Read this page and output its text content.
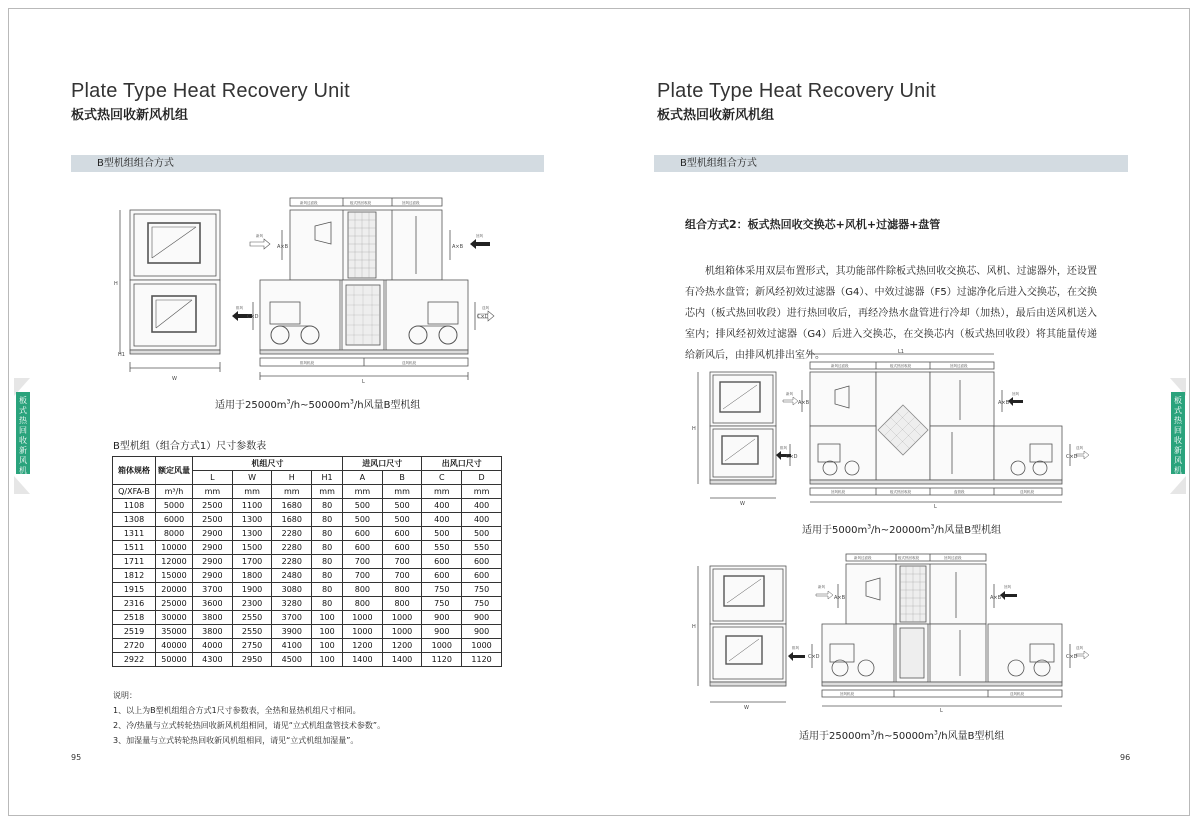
Plate Type Heat Recovery Unit
板式热回收新风机组
B型机组组合方式
新风过滤段	板式热回收段	回风过滤段
排风机段	送风机段
新风	回风
排风	送风
A×B	A×B
C×D	C×D
H
H1
W	L
适用于$25000m^3/h\sim 50000m^3/h$风量B型机组
B型机组（组合方式1）尺寸参数表
箱体规格	额定风量	机组尺寸				进风口尺寸		出风口尺寸	
		L	W	H	H1	A	B	C	D
Q/XFA-B	m³/h	mm	mm	mm	mm	mm	mm	mm	mm
1108	5000	2500	1100	1680	80	500	500	400	400
1308	6000	2500	1300	1680	80	500	500	400	400
1311	8000	2900	1300	2280	80	600	600	500	500
1511	10000	2900	1500	2280	80	600	600	550	550
1711	12000	2900	1700	2280	80	700	700	600	600
1812	15000	2900	1800	2480	80	700	700	600	600
1915	20000	3700	1900	3080	80	800	800	750	750
2316	25000	3600	2300	3280	80	800	800	750	750
2518	30000	3800	2550	3700	100	1000	1000	900	900
2519	35000	3800	2550	3900	100	1000	1000	900	900
2720	40000	4000	2750	4100	100	1200	1200	1000	1000
2922	50000	4300	2950	4500	100	1400	1400	1120	1120
说明：
1、以上为B型机组组合方式1尺寸参数表，全热和显热机组尺寸相同。
2、冷/热量与立式转轮热回收新风机组相同，请见“立式机组盘管技术参数”。
3、加湿量与立式转轮热回收新风机组相同，请见“立式机组加湿量”。
95
板式热回收新风机组
Plate Type Heat Recovery Unit
板式热回收新风机组
B型机组组合方式
组合方式2：板式热回收交换芯+风机+过滤器+盘管
机组箱体采用双层布置形式，其功能部件除板式热回收交换芯、风机、过滤器外，还设置有冷热水盘管；新风经初效过滤器（G4）、中效过滤器（F5）过滤净化后进入交换芯，在交换芯内（板式热回收段）进行热回收后，再经冷热水盘管进行冷却（加热），最后由送风机送入室内；排风经初效过滤器（G4）后进入交换芯，在交换芯内（板式热回收段）将其能量传递给新风后，由排风机排出室外。
新风过滤段	板式热回收段	回风过滤段
回风机段	板式热回收段	盘管段	送风机段
新风	回风
排风	送风
A×B	A×B
C×D	C×D
L1
L
W
H
适用于$5000m^3/h\sim 20000m^3/h$风量B型机组
新风过滤段	板式热回收段	回风过滤段
回风机段	送风机段
新风	回风
排风	送风
A×B	A×B
C×D	C×D
L
W
H
适用于$25000m^3/h\sim 50000m^3/h$风量B型机组
96
板式热回收新风机组
